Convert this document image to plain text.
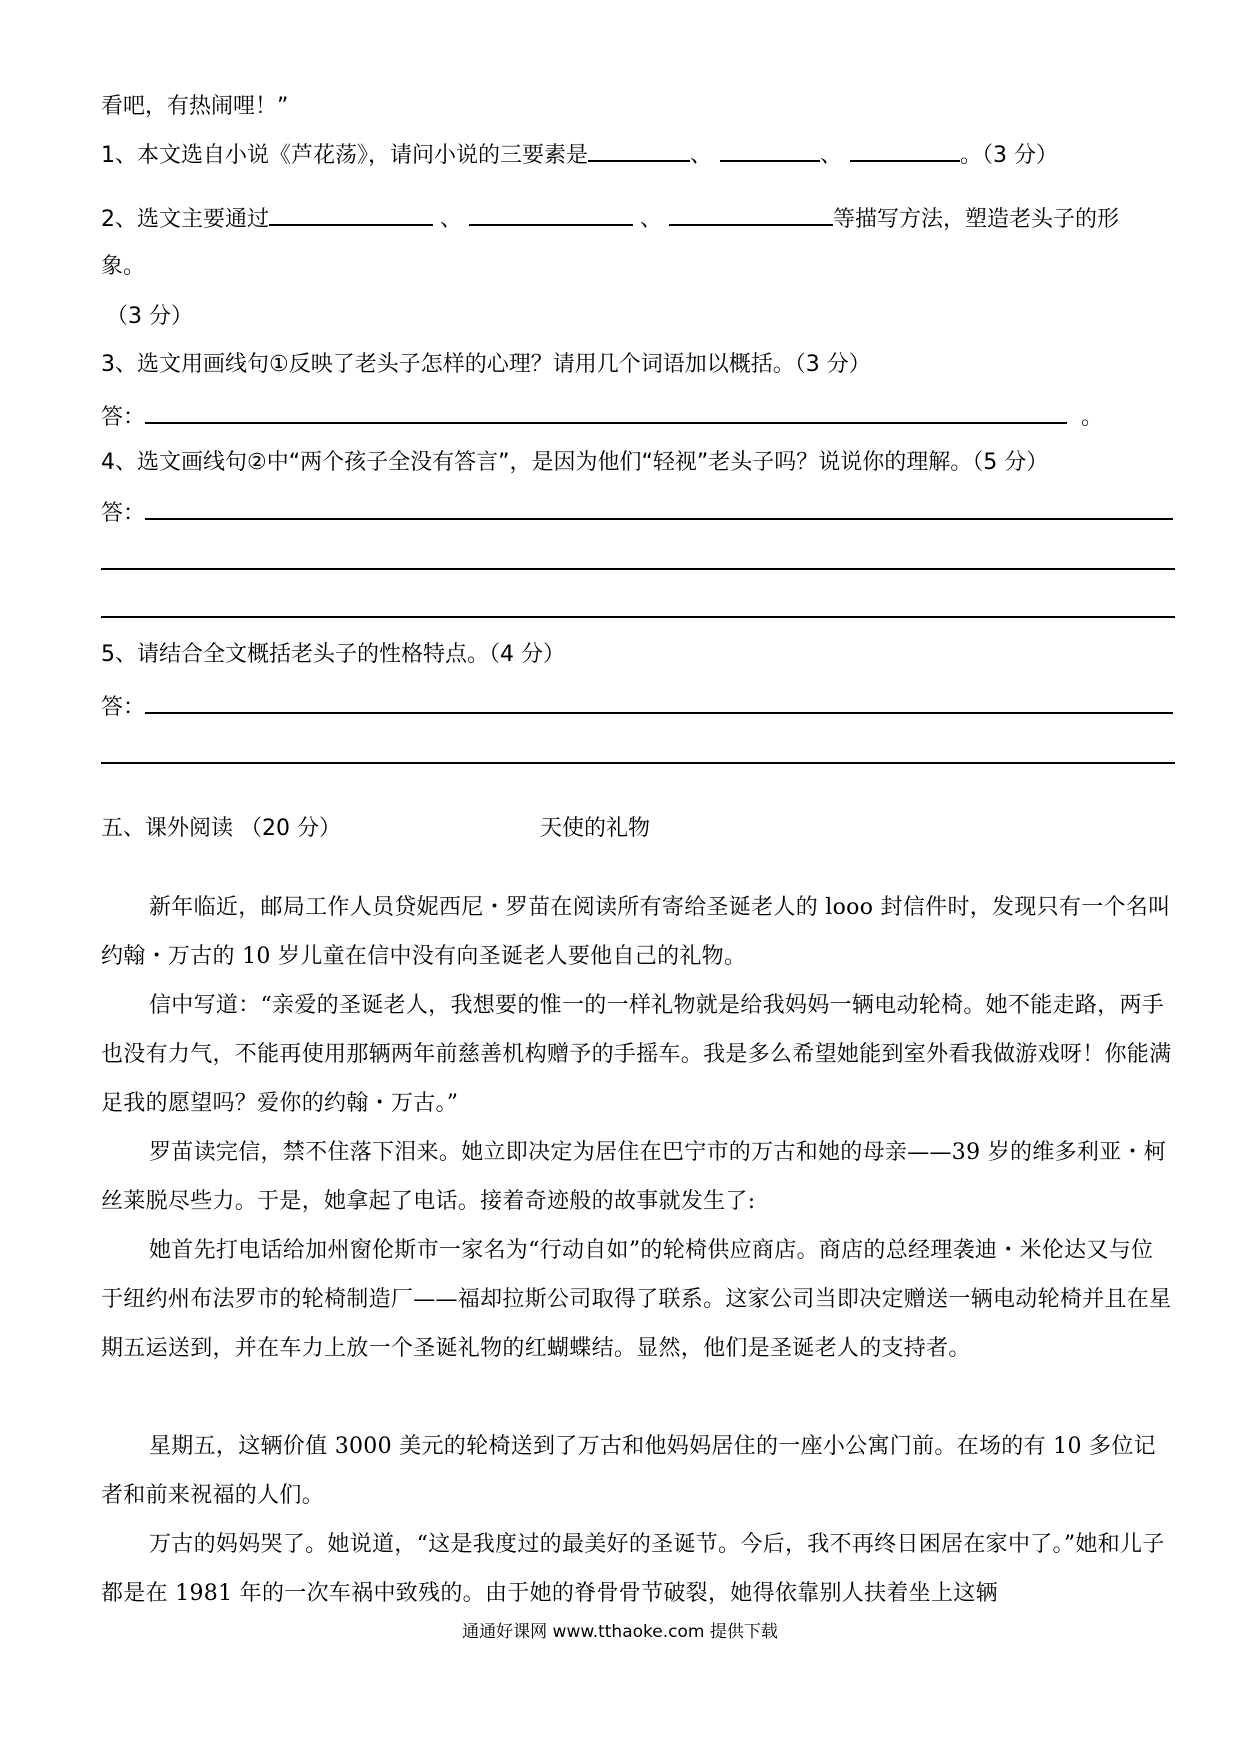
看吧，有热闹哩！”
1、本文选自小说《芦花荡》，请问小说的三要素是	、	、	。（3 分）
2、选文主要通过	、	、	等描写方法，塑造老头子的形
象。
（3 分）
3、选文用画线句①反映了老头子怎样的心理？请用几个词语加以概括。（3 分）
答：	。
4、选文画线句②中“两个孩子全没有答言”，是因为他们“轻视”老头子吗？说说你的理解。（5 分）
答：
5、请结合全文概括老头子的性格特点。（4 分）
答：
五、课外阅读 （20 分）	天使的礼物
新年临近，邮局工作人员贷妮西尼・罗苗在阅读所有寄给圣诞老人的 looo 封信件时，发现只有一个名叫约翰・万古的 10 岁儿童在信中没有向圣诞老人要他自己的礼物。
信中写道：“亲爱的圣诞老人，我想要的惟一的一样礼物就是给我妈妈一辆电动轮椅。她不能走路，两手也没有力气，不能再使用那辆两年前慈善机构赠予的手摇车。我是多么希望她能到室外看我做游戏呀！你能满足我的愿望吗？爱你的约翰・万古。”
罗苗读完信，禁不住落下泪来。她立即决定为居住在巴宁市的万古和她的母亲——39 岁的维多利亚・柯丝莱脱尽些力。于是，她拿起了电话。接着奇迹般的故事就发生了:
她首先打电话给加州窗伦斯市一家名为“行动自如”的轮椅供应商店。商店的总经理袭迪・米伦达又与位于纽约州布法罗市的轮椅制造厂——福却拉斯公司取得了联系。这家公司当即决定赠送一辆电动轮椅并且在星期五运送到，并在车力上放一个圣诞礼物的红蝴蝶结。显然，他们是圣诞老人的支持者。
星期五，这辆价值 3000 美元的轮椅送到了万古和他妈妈居住的一座小公寓门前。在场的有 10 多位记者和前来祝福的人们。
万古的妈妈哭了。她说道，“这是我度过的最美好的圣诞节。今后，我不再终日困居在家中了。”她和儿子都是在 1981 年的一次车祸中致残的。由于她的脊骨骨节破裂，她得依靠别人扶着坐上这辆
通通好课网 www.tthaoke.com 提供下载
